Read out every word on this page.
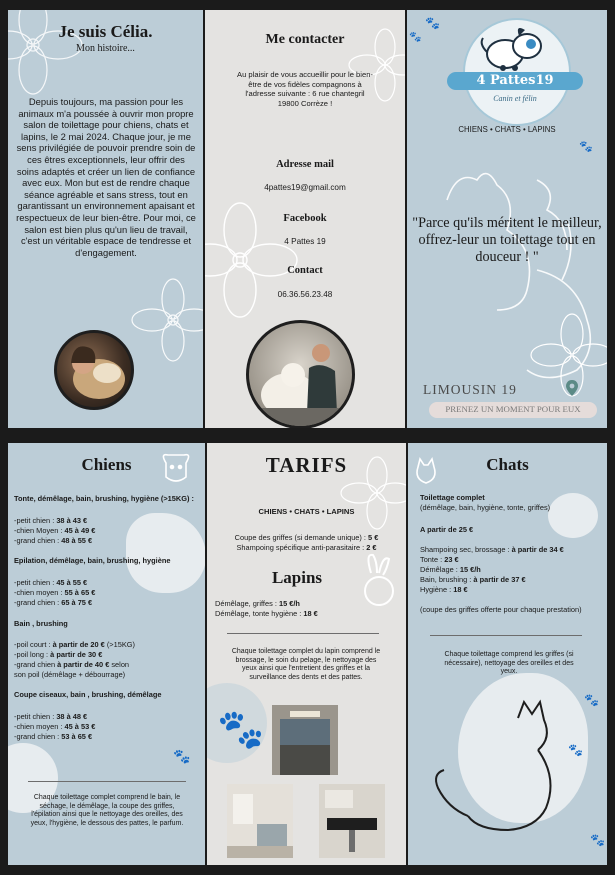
Je suis Célia.
Mon histoire...
Depuis toujours, ma passion pour les animaux m'a poussée à ouvrir mon propre salon de toilettage pour chiens, chats et lapins, le 2 mai 2024. Chaque jour, je me sens privilégiée de pouvoir prendre soin de ces êtres exceptionnels, leur offrir des soins adaptés et créer un lien de confiance avec eux. Mon but est de rendre chaque séance agréable et sans stress, tout en garantissant un environnement apaisant et respectueux de leur bien-être. Pour moi, ce salon est bien plus qu'un lieu de travail, c'est un véritable espace de tendresse et d'engagement.
Me contacter
Au plaisir de vous accueillir pour le bien-être de vos fidèles compagnons à l'adresse suivante : 6 rue chantegril 19800 Corrèze !
Adresse mail
4pattes19@gmail.com
Facebook
4 Pattes 19
Contact
06.36.56.23.48
🐾
🐾
🐾
4 Pattes19
Canin et félin
CHIENS • CHATS • LAPINS
"Parce qu'ils méritent le meilleur, offrez-leur un toilettage tout en douceur ! "
LIMOUSIN 19
PRENEZ UN MOMENT POUR EUX
🐾
Chiens

Tonte, démêlage, bain, brushing, hygiène (>15KG) :

-petit chien : 38 à 43 €

-chien Moyen : 45 à 49 €

-grand chien : 48 à 55 €

Epilation, démêlage, bain, brushing, hygiène

-petit chien : 45 à 55 €

-chien moyen : 55 à 65 €

-grand chien : 65 à 75 €

Bain , brushing

-poil court : à partir de 20 € (>15KG)

-poil long : à partir de 30 €

-grand chien à partir de 40 € selon

son poil (démêlage + débourrage)

Coupe ciseaux, bain , brushing, démêlage

-petit chien : 38 à 48 €

-chien moyen : 45 à 53 €

-grand chien : 53 à 65 €

Chaque toilettage complet comprend le bain, le séchage, le démêlage, la coupe des griffes, l'épilation ainsi que le nettoyage des oreilles, des yeux, l'hygiène, le dessous des pattes, le parfum.
🐾
TARIFS
CHIENS • CHATS • LAPINS

Coupe des griffes (si demande unique) : 5 €

Shampoing spécifique anti-parasitaire : 2 €

Lapins

Démêlage, griffes : 15 €/h

Démêlage, tonte hygiène : 18 €

Chaque toilettage complet du lapin comprend le brossage, le soin du pelage, le nettoyage des yeux ainsi que l'entretient des griffes et la surveillance des dents et des pattes.
🐾
🐾
🐾
Chats

Toilettage complet

(démêlage, bain, hygiène, tonte, griffes)

A partir de 25 €

Shampoing sec, brossage : à partir de 34 €

Tonte : 23 €

Démêlage : 15 €/h

Bain, brushing : à partir de 37 €

Hygiène : 18 €

(coupe des griffes offerte pour chaque prestation)

Chaque toilettage comprend les griffes (si nécessaire), nettoyage des oreilles et des yeux.
